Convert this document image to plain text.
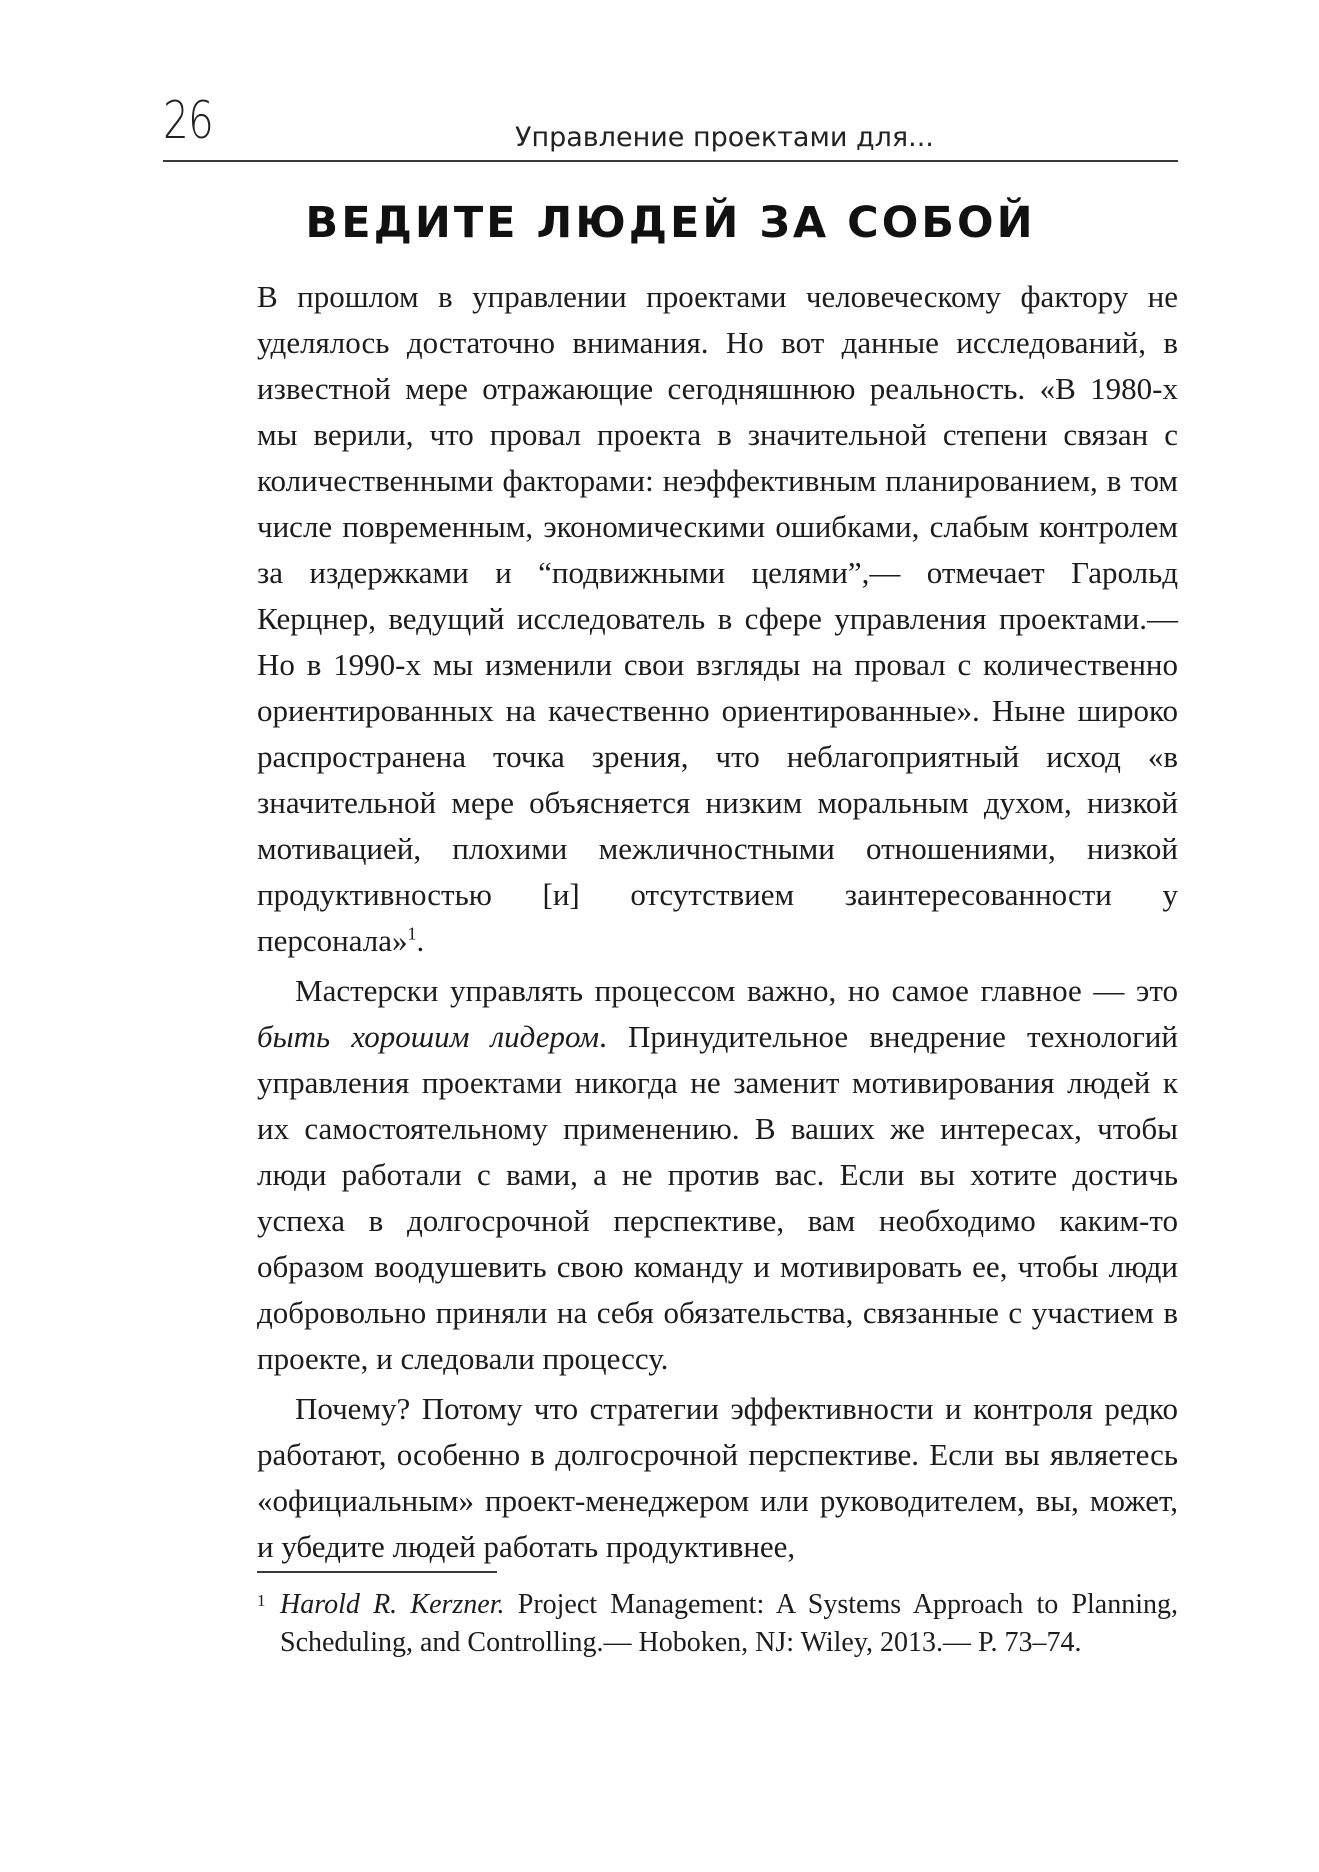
26	Управление проектами для...
ВЕДИТЕ ЛЮДЕЙ ЗА СОБОЙ

В прошлом в управлении проектами человеческому фактору не уделялось достаточно внимания. Но вот данные исследований, в известной мере отражающие сегодняшнюю реальность. «В 1980-х мы верили, что провал проекта в значительной степени связан с количественными факторами: неэффективным планированием, в том числе повременным, экономическими ошибками, слабым контролем за издержками и “подвижными целями”,— отмечает Гарольд Керцнер, ведущий исследователь в сфере управления проектами.— Но в 1990-х мы изменили свои взгляды на провал с количественно ориентированных на качественно ориентированные». Ныне широко распространена точка зрения, что неблагоприятный исход «в значительной мере объясняется низким моральным духом, низкой мотивацией, плохими межличностными отношениями, низкой продуктивностью [и] отсутствием заинтересованности у персонала»$^1$.

Мастерски управлять процессом важно, но самое главное — это быть хорошим лидером. Принудительное внедрение технологий управления проектами никогда не заменит мотивирования людей к их самостоятельному применению. В ваших же интересах, чтобы люди работали с вами, а не против вас. Если вы хотите достичь успеха в долгосрочной перспективе, вам необходимо каким-то образом воодушевить свою команду и мотивировать ее, чтобы люди добровольно приняли на себя обязательства, связанные с участием в проекте, и следовали процессу.

Почему? Потому что стратегии эффективности и контроля редко работают, особенно в долгосрочной перспективе. Если вы являетесь «официальным» проект-менеджером или руководителем, вы, может, и убедите людей работать продуктивнее,

1 Harold R. Kerzner. Project Management: A Systems Approach to Planning, Scheduling, and Controlling.— Hoboken, NJ: Wiley, 2013.— P. 73–74.
